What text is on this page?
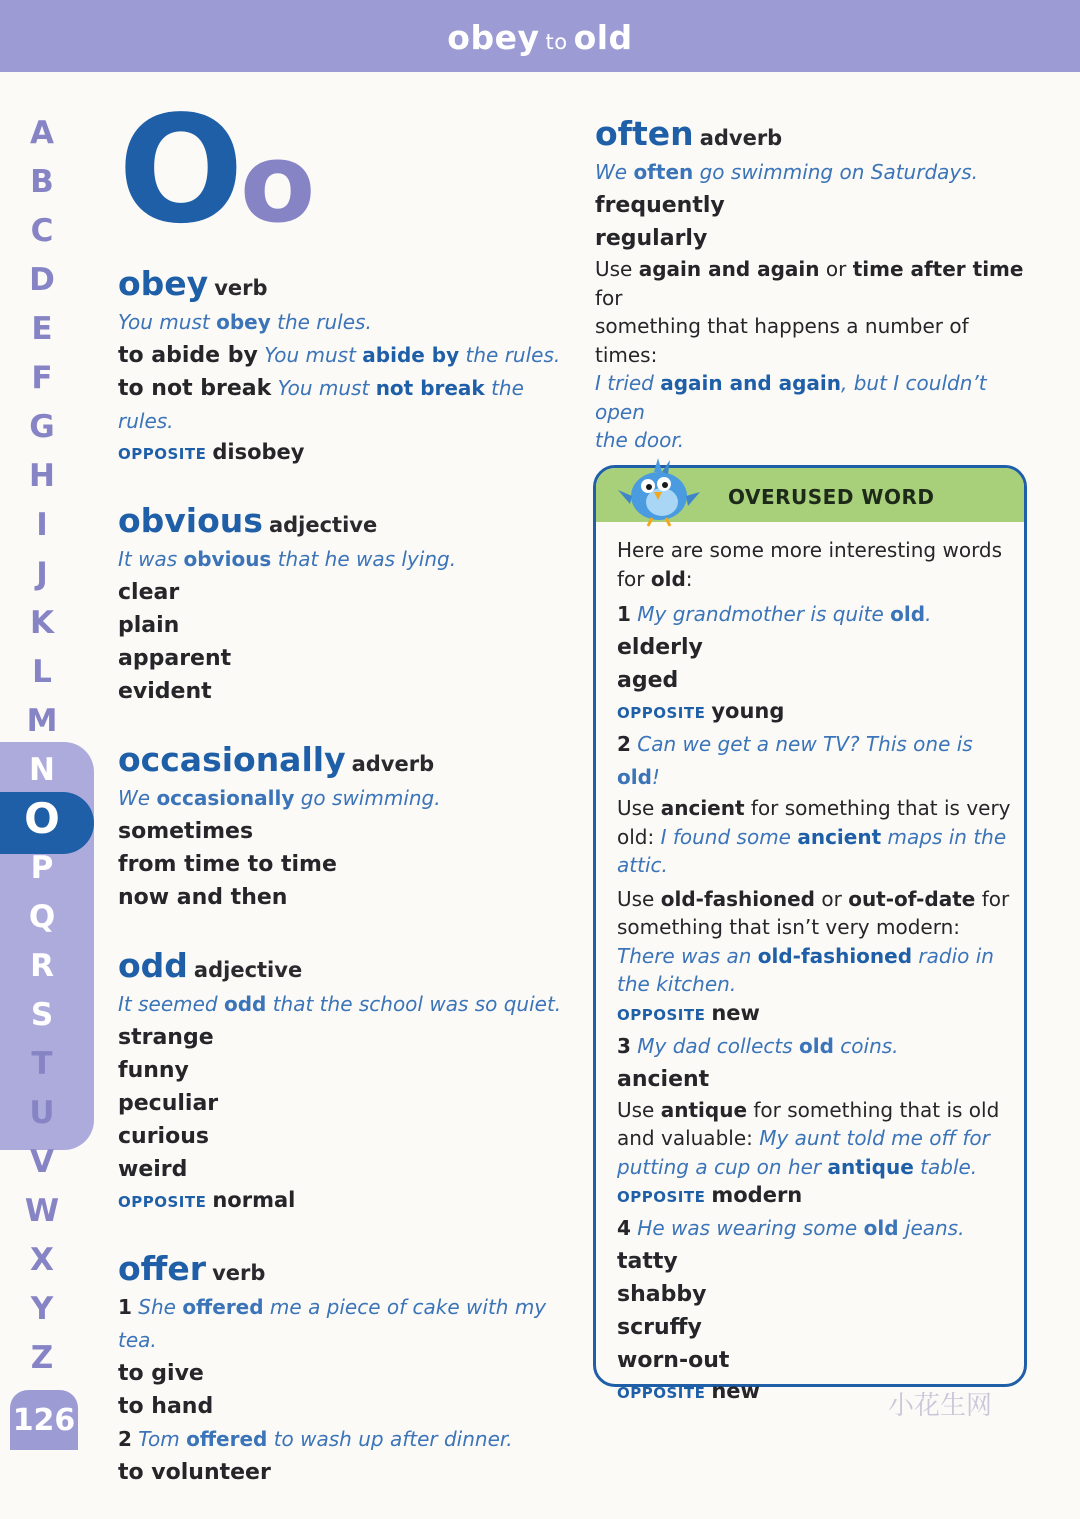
obey to old
A
B
C
D
E
F
G
H
I
J
K
L
M
N
O
P
Q
R
S
T
U
V
W
X
Y
Z
126
Oo
obey verb
You must obey the rules.
to abide by You must abide by the rules.
to not break You must not break the rules.
OPPOSITE disobey
obvious adjective
It was obvious that he was lying.
clear
plain
apparent
evident
occasionally adverb
We occasionally go swimming.
sometimes
from time to time
now and then
odd adjective
It seemed odd that the school was so quiet.
strange
funny
peculiar
curious
weird
OPPOSITE normal
offer verb
1 She offered me a piece of cake with my tea.
to give
to hand
2 Tom offered to wash up after dinner.
to volunteer
often adverb
We often go swimming on Saturdays.
frequently
regularly
Use again and again or time after time for
something that happens a number of times:
I tried again and again, but I couldn’t open
the door.
OVERUSED WORD
Here are some more interesting words
for old:
1 My grandmother is quite old.
elderly
aged
OPPOSITE young
2 Can we get a new TV? This one is old!
Use ancient for something that is very
old: I found some ancient maps in the
attic.
Use old-fashioned or out-of-date for
something that isn’t very modern:
There was an old-fashioned radio in
the kitchen.
OPPOSITE new
3 My dad collects old coins.
ancient
Use antique for something that is old
and valuable: My aunt told me off for
putting a cup on her antique table.
OPPOSITE modern
4 He was wearing some old jeans.
tatty
shabby
scruffy
worn-out
OPPOSITE new	小花生网
